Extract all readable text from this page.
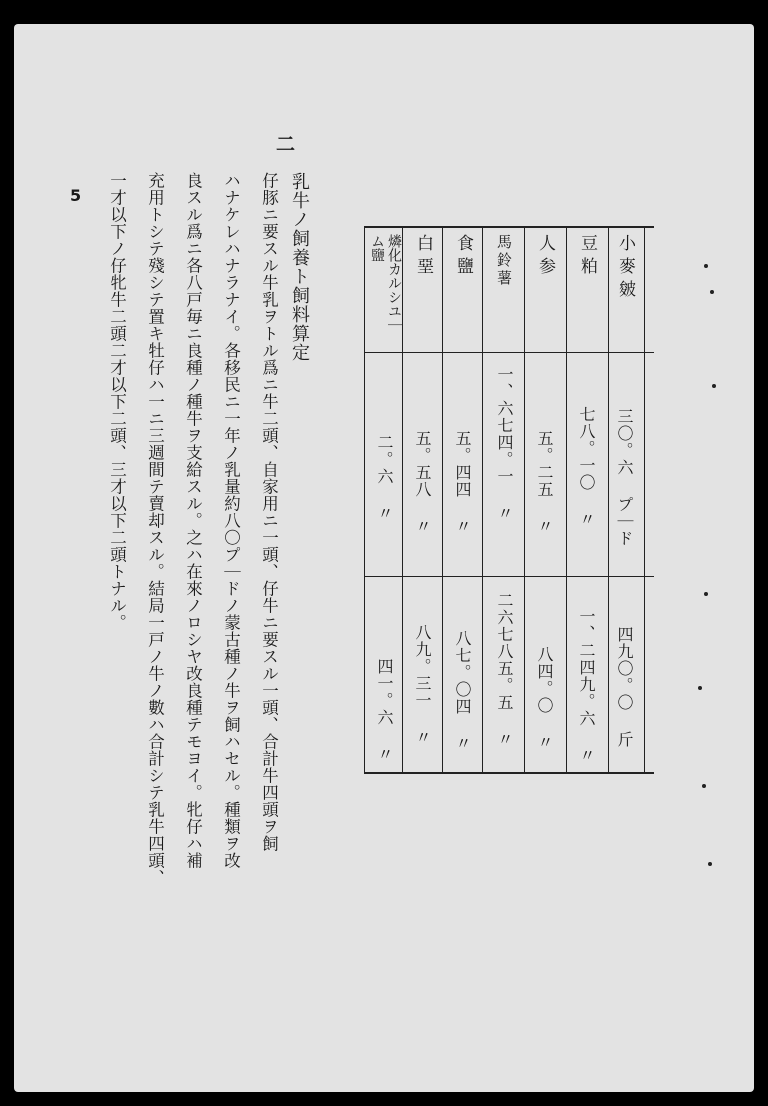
小麥皴
三〇。六 プ｜ド
四九〇。〇 斤
豆粕
七八。一〇 〃
一、二四九。六 〃
人参
五。二五 〃
八四。〇 〃
馬鈴薯
一、六七四。一 〃
二六七八五。五 〃
食鹽
五。四四 〃
八七。〇四 〃
白堊
五。五八 〃
八九。三一 〃
燐化カルシユ｜ム鹽
二。六 〃
四一。六 〃
二
乳牛ノ飼養ト飼料算定
仔豚ニ要スル牛乳ヲトル爲ニ牛二頭、自家用ニ一頭、仔牛ニ要スル一頭、合計牛四頭ヲ飼
ハナケレハナラナイ。各移民ニ一年ノ乳量約八〇プ｜ドノ蒙古種ノ牛ヲ飼ハセル。種類ヲ改
良スル爲ニ各八戸毎ニ良種ノ種牛ヲ支給スル。之ハ在來ノロシヤ改良種テモヨイ。牝仔ハ補
充用トシテ殘シテ置キ牡仔ハ一ニ三週間テ賣却スル。結局一戸ノ牛ノ數ハ合計シテ乳牛四頭、
一才以下ノ仔牝牛二頭二才以下二頭、三才以下二頭トナル。
5
